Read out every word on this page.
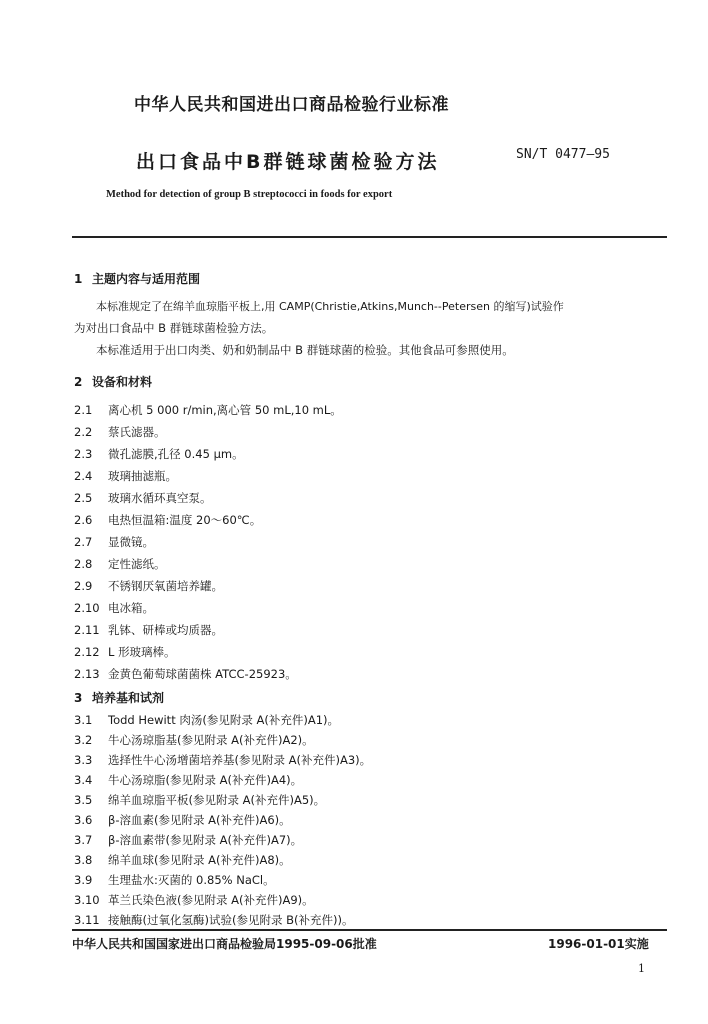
中华人民共和国进出口商品检验行业标准
出口食品中B群链球菌检验方法	SN/T 0477—95
Method for detection of group B streptococci in foods for export
1 主题内容与适用范围
本标准规定了在绵羊血琼脂平板上,用 CAMP(Christie,Atkins,Munch--Petersen 的缩写)试验作
为对出口食品中 B 群链球菌检验方法。
本标准适用于出口肉类、奶和奶制品中 B 群链球菌的检验。其他食品可参照使用。
2 设备和材料
2.1 离心机 5 000 r/min,离心管 50 mL,10 mL。
2.2 蔡氏滤器。
2.3 微孔滤膜,孔径 0.45 μm。
2.4 玻璃抽滤瓶。
2.5 玻璃水循环真空泵。
2.6 电热恒温箱:温度 20～60℃。
2.7 显微镜。
2.8 定性滤纸。
2.9 不锈钢厌氧菌培养罐。
2.10 电冰箱。
2.11 乳钵、研棒或均质器。
2.12 L 形玻璃棒。
2.13 金黄色葡萄球菌菌株 ATCC-25923。
3 培养基和试剂
3.1 Todd Hewitt 肉汤(参见附录 A(补充件)A1)。
3.2 牛心汤琼脂基(参见附录 A(补充件)A2)。
3.3 选择性牛心汤增菌培养基(参见附录 A(补充件)A3)。
3.4 牛心汤琼脂(参见附录 A(补充件)A4)。
3.5 绵羊血琼脂平板(参见附录 A(补充件)A5)。
3.6 β-溶血素(参见附录 A(补充件)A6)。
3.7 β-溶血素带(参见附录 A(补充件)A7)。
3.8 绵羊血球(参见附录 A(补充件)A8)。
3.9 生理盐水:灭菌的 0.85% NaCl。
中华人民共和国国家进出口商品检验局1995-09-06批准	1996-01-01实施
1
3.10 革兰氏染色液(参见附录 A(补充件)A9)。
3.11 接触酶(过氧化氢酶)试验(参见附录 B(补充件))。
